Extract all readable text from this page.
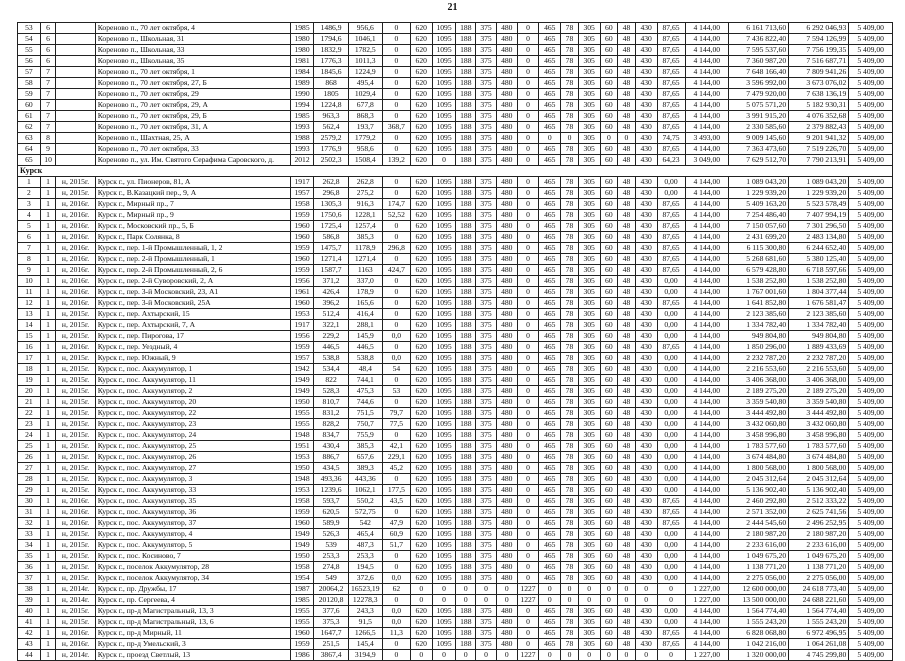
21
53	6		Кореново п., 70 лет октября, 4	1985	1486,9	956,6	0	620	1095	188	375	480	0	465	78	305	60	48	430	87,65	4 144,00	6 161 713,60	6 292 046,93	5 409,00
54	6		Кореново п., Школьная, 31	1980	1794,6	1046,1	0	620	1095	188	375	480	0	465	78	305	60	48	430	87,65	4 144,00	7 436 822,40	7 594 126,99	5 409,00
55	6		Кореново п., Школьная, 33	1980	1832,9	1782,5	0	620	1095	188	375	480	0	465	78	305	60	48	430	87,65	4 144,00	7 595 537,60	7 756 199,35	5 409,00
56	6		Кореново п., Школьная, 35	1981	1776,3	1011,3	0	620	1095	188	375	480	0	465	78	305	60	48	430	87,65	4 144,00	7 360 987,20	7 516 687,71	5 409,00
57	7		Кореново п., 70 лет октября, 1	1984	1845,6	1224,9	0	620	1095	188	375	480	0	465	78	305	60	48	430	87,65	4 144,00	7 648 166,40	7 809 941,26	5 409,00
58	7		Кореново п., 70 лет октября, 27, Б	1989	868	495,4	0	620	1095	188	375	480	0	465	78	305	60	48	430	87,65	4 144,00	3 596 992,00	3 673 076,02	5 409,00
59	7		Кореново п., 70 лет октября, 29	1990	1805	1029,4	0	620	1095	188	375	480	0	465	78	305	60	48	430	87,65	4 144,00	7 479 920,00	7 638 136,19	5 409,00
60	7		Кореново п., 70 лет октября, 29, А	1994	1224,8	677,8	0	620	1095	188	375	480	0	465	78	305	60	48	430	87,65	4 144,00	5 075 571,20	5 182 930,31	5 409,00
61	7		Кореново п., 70 лет октября, 29, Б	1985	963,3	868,3	0	620	1095	188	375	480	0	465	78	305	60	48	430	87,65	4 144,00	3 991 915,20	4 076 352,68	5 409,00
62	7		Кореново п., 70 лет октября, 31, А	1993	562,4	193,7	368,7	620	1095	188	375	480	0	465	78	305	60	48	430	87,65	4 144,00	2 330 585,60	2 379 882,43	5 409,00
63	8		Кореново п., Шахтная, 25, А	1988	2579,2	1779,2	0	620	1095	188	375	480	0	0	0	305	0	0	430	74,75	3 493,00	9 009 145,60	9 201 941,32	5 409,00
64	9		Кореново п., 70 лет октября, 33	1993	1776,9	958,6	0	620	1095	188	375	480	0	465	78	305	60	48	430	87,65	4 144,00	7 363 473,60	7 519 226,70	5 409,00
65	10		Кореново п., ул. Им. Святого Серафима Саровского, д.	2012	2502,3	1508,4	139,2	620	0	188	375	480	0	465	78	305	60	48	430	64,23	3 049,00	7 629 512,70	7 790 213,91	5 409,00
Курск																								
1	1	н, 2015г.	Курск г., ул. Пионеров, 81, А	1917	262,8	262,8	0	620	1095	188	375	480	0	465	78	305	60	48	430	0,00	4 144,00	1 089 043,20	1 089 043,20	5 409,00
2	1	н, 2015г.	Курск г., В.Казацкий пер., 9, А	1957	296,8	275,2	0	620	1095	188	375	480	0	465	78	305	60	48	430	0,00	4 144,00	1 229 939,20	1 229 939,20	5 409,00
3	1	н, 2016г.	Курск г., Мирный пр., 7	1958	1305,3	916,3	174,7	620	1095	188	375	480	0	465	78	305	60	48	430	87,65	4 144,00	5 409 163,20	5 523 578,49	5 409,00
4	1	н, 2016г.	Курск г., Мирный пр., 9	1959	1750,6	1228,1	52,52	620	1095	188	375	480	0	465	78	305	60	48	430	87,65	4 144,00	7 254 486,40	7 407 994,19	5 409,00
5	1	н, 2016г.	Курск г., Московский пр., 5, Б	1960	1725,4	1257,4	0	620	1095	188	375	480	0	465	78	305	60	48	430	87,65	4 144,00	7 150 057,60	7 301 296,50	5 409,00
6	1	н, 2016г.	Курск г., Парк Солянка, 8	1960	586,8	385,3	0	620	1095	188	375	480	0	465	78	305	60	48	430	87,65	4 144,00	2 431 699,20	2 483 134,80	5 409,00
7	1	н, 2016г.	Курск г., пер. 1-й Промышленный, 1, 2	1959	1475,7	1178,9	296,8	620	1095	188	375	480	0	465	78	305	60	48	430	87,65	4 144,00	6 115 300,80	6 244 652,40	5 409,00
8	1	н, 2016г.	Курск г., пер. 2-й Промышленный, 1	1960	1271,4	1271,4	0	620	1095	188	375	480	0	465	78	305	60	48	430	87,65	4 144,00	5 268 681,60	5 380 125,40	5 409,00
9	1	н, 2016г.	Курск г., пер. 2-й Промышленный, 2, 6	1959	1587,7	1163	424,7	620	1095	188	375	480	0	465	78	305	60	48	430	87,65	4 144,00	6 579 428,80	6 718 597,66	5 409,00
10	1	н, 2016г.	Курск г., пер. 2-й Суворовский, 2, А	1956	371,2	337,0	0	620	1095	188	375	480	0	465	78	305	60	48	430	0,00	4 144,00	1 538 252,80	1 538 252,80	5 409,00
11	1	н, 2016г.	Курск г., пер. 3-й Московский, 23, А1	1961	426,4	178,9	0	620	1095	188	375	480	0	465	78	305	60	48	430	0,00	4 144,00	1 767 001,60	1 804 377,44	5 409,00
12	1	н, 2016г.	Курск г., пер. 3-й Московский, 25А	1960	396,2	165,6	0	620	1095	188	375	480	0	465	78	305	60	48	430	87,65	4 144,00	1 641 852,80	1 676 581,47	5 409,00
13	1	н, 2015г.	Курск г., пер. Ахтырский, 15	1953	512,4	416,4	0	620	1095	188	375	480	0	465	78	305	60	48	430	0,00	4 144,00	2 123 385,60	2 123 385,60	5 409,00
14	1	н, 2015г.	Курск г., пер. Ахтырский, 7, А	1917	322,1	288,1	0	620	1095	188	375	480	0	465	78	305	60	48	430	0,00	4 144,00	1 334 782,40	1 334 782,40	5 409,00
15	1	н, 2015г.	Курск г., пер. Пирогова, 17	1956	229,2	145,9	0,0	620	1095	188	375	480	0	465	78	305	60	48	430	0,00	4 144,00	949 804,80	949 804,80	5 409,00
16	1	н, 2016г.	Курск г., пер. Уездный, 4	1959	446,5	446,5	0	620	1095	188	375	480	0	465	78	305	60	48	430	87,65	4 144,00	1 850 296,00	1 889 433,69	5 409,00
17	1	н, 2015г.	Курск г., пер. Южный, 9	1957	538,8	538,8	0,0	620	1095	188	375	480	0	465	78	305	60	48	430	0,00	4 144,00	2 232 787,20	2 232 787,20	5 409,00
18	1	н, 2015г.	Курск г., пос. Аккумулятор, 1	1942	534,4	48,4	54	620	1095	188	375	480	0	465	78	305	60	48	430	0,00	4 144,00	2 216 553,60	2 216 553,60	5 409,00
19	1	н, 2015г.	Курск г., пос. Аккумулятор, 11	1949	822	744,1	0	620	1095	188	375	480	0	465	78	305	60	48	430	0,00	4 144,00	3 406 368,00	3 406 368,00	5 409,00
20	1	н, 2015г.	Курск г., пос. Аккумулятор, 2	1949	528,3	475,3	53	620	1095	188	375	480	0	465	78	305	60	48	430	0,00	4 144,00	2 189 275,20	2 189 275,20	5 409,00
21	1	н, 2015г.	Курск г., пос. Аккумулятор, 20	1950	810,7	744,6	0	620	1095	188	375	480	0	465	78	305	60	48	430	0,00	4 144,00	3 359 540,80	3 359 540,80	5 409,00
22	1	н, 2015г.	Курск г., пос. Аккумулятор, 22	1955	831,2	751,5	79,7	620	1095	188	375	480	0	465	78	305	60	48	430	0,00	4 144,00	3 444 492,80	3 444 492,80	5 409,00
23	1	н, 2015г.	Курск г., пос. Аккумулятор, 23	1955	828,2	750,7	77,5	620	1095	188	375	480	0	465	78	305	60	48	430	0,00	4 144,00	3 432 060,80	3 432 060,80	5 409,00
24	1	н, 2015г.	Курск г., пос. Аккумулятор, 24	1948	834,7	755,9	0	620	1095	188	375	480	0	465	78	305	60	48	430	0,00	4 144,00	3 458 996,80	3 458 996,80	5 409,00
25	1	н, 2015г.	Курск г., пос. Аккумулятор, 25	1951	430,4	385,3	42,1	620	1095	188	375	480	0	465	78	305	60	48	430	0,00	4 144,00	1 783 577,60	1 783 577,60	5 409,00
26	1	н, 2015г.	Курск г., пос. Аккумулятор, 26	1953	886,7	657,6	229,1	620	1095	188	375	480	0	465	78	305	60	48	430	0,00	4 144,00	3 674 484,80	3 674 484,80	5 409,00
27	1	н, 2015г.	Курск г., пос. Аккумулятор, 27	1950	434,5	389,3	45,2	620	1095	188	375	480	0	465	78	305	60	48	430	0,00	4 144,00	1 800 568,00	1 800 568,00	5 409,00
28	1	н, 2015г.	Курск г., пос. Аккумулятор, 3	1948	493,36	443,36	0	620	1095	188	375	480	0	465	78	305	60	48	430	0,00	4 144,00	2 045 312,64	2 045 312,64	5 409,00
29	1	н, 2015г.	Курск г., пос. Аккумулятор, 33	1953	1239,6	1062,1	177,5	620	1095	188	375	480	0	465	78	305	60	48	430	0,00	4 144,00	5 136 902,40	5 136 902,40	5 409,00
30	1	н, 2016г.	Курск г., пос. Аккумулятор, 35	1958	593,7	550,2	43,5	620	1095	188	375	480	0	465	78	305	60	48	430	87,65	4 144,00	2 460 292,80	2 512 333,22	5 409,00
31	1	н, 2016г.	Курск г., пос. Аккумулятор, 36	1959	620,5	572,75	0	620	1095	188	375	480	0	465	78	305	60	48	430	87,65	4 144,00	2 571 352,00	2 625 741,56	5 409,00
32	1	н, 2016г.	Курск г., пос. Аккумулятор, 37	1960	589,9	542	47,9	620	1095	188	375	480	0	465	78	305	60	48	430	87,65	4 144,00	2 444 545,60	2 496 252,95	5 409,00
33	1	н, 2015г.	Курск г., пос. Аккумулятор, 4	1949	526,3	465,4	60,9	620	1095	188	375	480	0	465	78	305	60	48	430	0,00	4 144,00	2 180 987,20	2 180 987,20	5 409,00
34	1	н, 2015г.	Курск г., пос. Аккумулятор, 5	1949	539	487,3	51,7	620	1095	188	375	480	0	465	78	305	60	48	430	0,00	4 144,00	2 233 616,00	2 233 616,00	5 409,00
35	1	н, 2015г.	Курск г., пос. Косиново, 7	1950	253,3	253,3	0	620	1095	188	375	480	0	465	78	305	60	48	430	0,00	4 144,00	1 049 675,20	1 049 675,20	5 409,00
36	1	н, 2015г.	Курск г., поселок Аккумулятор, 28	1958	274,8	194,5	0	620	1095	188	375	480	0	465	78	305	60	48	430	0,00	4 144,00	1 138 771,20	1 138 771,20	5 409,00
37	1	н, 2015г.	Курск г., поселок Аккумулятор, 34	1954	549	372,6	0,0	620	1095	188	375	480	0	465	78	305	60	48	430	0,00	4 144,00	2 275 056,00	2 275 056,00	5 409,00
38	1	н, 2014г.	Курск г., пр. Дружбы, 17	1987	20064,2	16523,19	62	0	0	0	0	0	1227	0	0	0	0	0	0	0	1 227,00	12 600 000,00	24 618 773,40	5 409,00
39	1	н, 2014г.	Курск г., пр. Сергеева, 4	1985	20120,8	12278,3	0	0	0	0	0	0	1227	0	0	0	0	0	0	0	1 227,00	13 500 000,00	24 688 221,60	5 409,00
40	1	н, 2015г.	Курск г., пр-д Магистральный, 13, 3	1955	377,6	243,3	0,0	620	1095	188	375	480	0	465	78	305	60	48	430	0,00	4 144,00	1 564 774,40	1 564 774,40	5 409,00
41	1	н, 2015г.	Курск г., пр-д Магистральный, 13, 6	1955	375,3	91,5	0,0	620	1095	188	375	480	0	465	78	305	60	48	430	0,00	4 144,00	1 555 243,20	1 555 243,20	5 409,00
42	1	н, 2016г.	Курск г., пр-д Мирный, 11	1960	1647,7	1266,5	11,3	620	1095	188	375	480	0	465	78	305	60	48	430	87,65	4 144,00	6 828 068,80	6 972 496,95	5 409,00
43	1	н, 2016г.	Курск г., пр-д Умельский, 3	1959	251,5	145,4	0	620	1095	188	375	480	0	465	78	305	60	48	430	87,65	4 144,00	1 042 216,00	1 064 261,08	5 409,00
44	1	н, 2014г.	Курск г., проезд Светлый, 13	1986	3867,4	3194,9	0	0	0	0	0	0	1227	0	0	0	0	0	0	0	1 227,00	1 320 000,00	4 745 299,80	5 409,00
